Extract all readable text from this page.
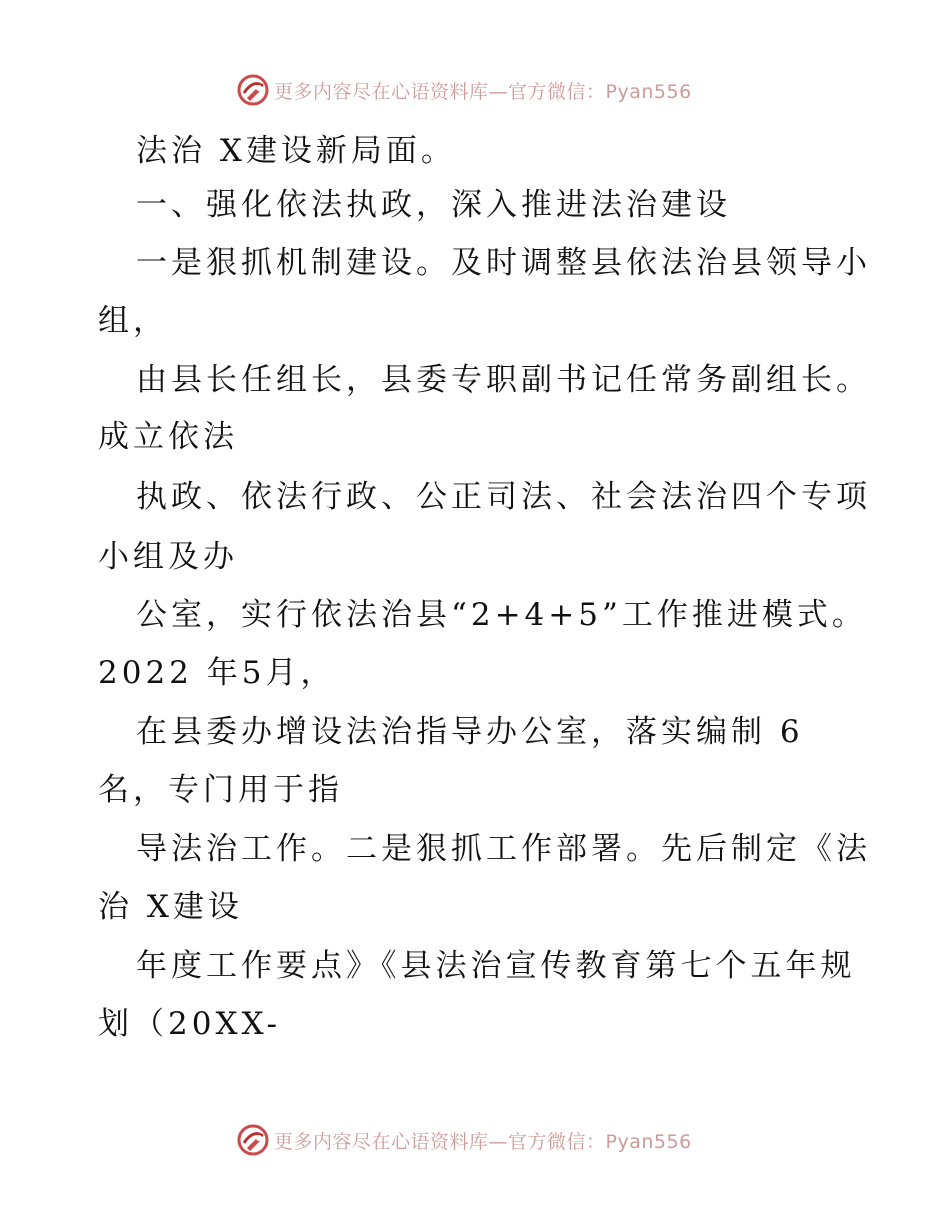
更多内容尽在心语资料库—官方微信：Pyan556
法治 X建设新局面。
一、强化依法执政，深入推进法治建设
一是狠抓机制建设。及时调整县依法治县领导小
组，
由县长任组长，县委专职副书记任常务副组长。
成立依法
执政、依法行政、公正司法、社会法治四个专项
小组及办
公室，实行依法治县“2+4+5”工作推进模式。
2022 年5月，
在县委办增设法治指导办公室，落实编制 6
名，专门用于指
导法治工作。二是狠抓工作部署。先后制定《法
治 X建设
年度工作要点》《县法治宣传教育第七个五年规
划（20XX-
更多内容尽在心语资料库—官方微信：Pyan556
